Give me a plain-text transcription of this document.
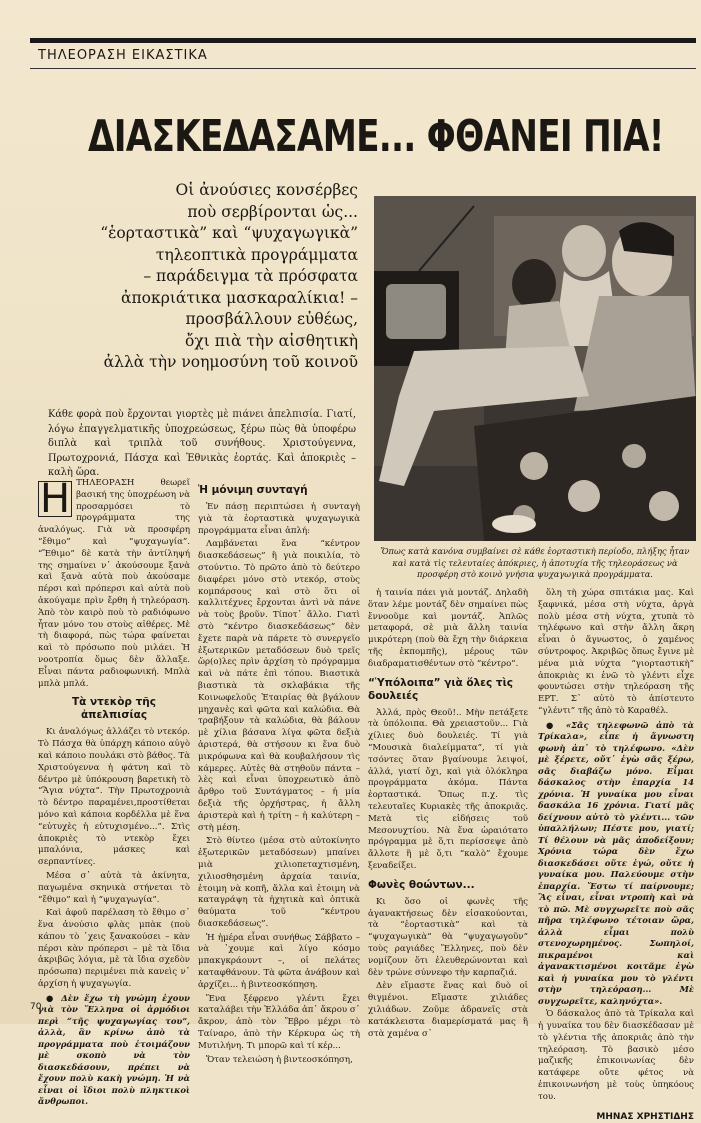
ΤΗΛΕΟΡΑΣΗ ΕΙΚΑΣΤΙΚΑ
ΔΙΑΣΚΕΔΑΣΑΜΕ... ΦΘΑΝΕΙ ΠΙΑ!
Οἱ ἀνούσιες κονσέρβες
ποὺ σερβίρονται ὡς...
“ἑορταστικὰ” καὶ “ψυχαγωγικὰ”
τηλεοπτικὰ προγράμματα
– παράδειγμα τὰ πρόσφατα
ἀποκριάτικα μασκαραλίκια! –
προσβάλλουν εὐθέως,
ὄχι πιὰ τὴν αἰσθητικὴ
ἀλλὰ τὴν νοημοσύνη τοῦ κοινοῦ
Ὅπως κατὰ κανόνα συμβαίνει σὲ κάθε ἑορταστικὴ περίοδο, πλήξης ἦταν καὶ κατὰ τὶς τελευταίες ἀπόκριες, ἡ ἀποτυχία τῆς τηλεοράσεως νὰ προσφέρη στὸ κοινὸ γνήσια ψυχαγωγικὰ προγράμματα.
Κάθε φορὰ ποὺ ἔρχονται γιορτὲς μὲ πιάνει ἀπελπισία. Γιατί, λόγω ἐπαγγελματικῆς ὑποχρεώσεως, ξέρω πὼς θὰ ὑποφέρω διπλὰ καὶ τριπλὰ τοῦ συνήθους. Χριστούγεννα, Πρωτοχρονιά, Πάσχα καὶ Ἐθνικὰς ἑορτάς. Καὶ ἀποκριὲς – καλὴ ὥρα.

Η ΤΗΛΕΟΡΑΣΗ θεωρεῖ βασική της ὑποχρέωση νὰ προσαρμόσει τὸ προγράμματα της ἀναλόγως. Γιὰ νὰ προσφέρη “ἔθιμο” καὶ “ψυχαγωγία”. “Ἔθιμο” δὲ κατὰ τὴν ἀντίληψή της σημαίνει ν᾽ ἀκούσουμε ξανὰ καὶ ξανὰ αὐτὰ ποὺ ἀκούσαμε πέρσι καὶ πρόπερσι καὶ αὐτὰ ποὺ ἀκούγαμε πρὶν ἔρθη ἡ τηλεόραση. Ἀπὸ τὸν καιρὸ ποὺ τὸ ραδιόφωνο ἦταν μόνο του στοὺς αἰθέρες. Μὲ τὴ διαφορά, πὼς τώρα φαίνεται καὶ τὸ πρόσωπο ποὺ μιλάει. Ἡ νοοτροπία ὅμως δὲν ἄλλαξε. Εἶναι πάντα ραδιοφωνική. Μπλὰ μπλὰ μπλά.

Τὰ ντεκὸρ τῆς ἀπελπισίας

Κι ἀναλόγως ἀλλάζει τὸ ντεκόρ. Τὸ Πάσχα θὰ ὑπάρχη κάποιο αὐγὸ καὶ κάποιο πουλάκι στὸ βάθος. Τὰ Χριστούγεννα ἡ φάτνη καὶ τὸ δέντρο μὲ ὑπόκρουση βαρετικὴ τὸ “Ἅγια νύχτα”. Τὴν Πρωτοχρονιὰ τὸ δέντρο παραμένει,προστίθεται μόνο καὶ κάποια κορδέλλα μὲ ἕνα “εὐτυχὲς ἡ εὐτυχισμένο...”. Στὶς ἀποκριὲς τὸ ντεκὸρ ἔχει μπαλόνια, μάσκες καὶ σερπαντίνες.

Μέσα σ᾽ αὐτὰ τὰ ἀκίνητα, παγωμένα σκηνικὰ στήνεται τὸ “ἔθιμο” καὶ ἡ “ψυχαγωγία”.

Καὶ ἀφοῦ παρέλαση τὸ ἔθιμο σ᾽ ἕνα ἀνούσιο φλὰς μπὰκ (ποὺ κάπου τὸ ᾽χεις ξανακούσει – κὰν πέρσι κὰν πρόπερσι – μὲ τὰ ἴδια ἀκριβῶς λόγια, μὲ τὰ ἴδια σχεδὸν πρόσωπα) περιμένει πιὰ κανεὶς ν᾽ ἀρχίση ἡ ψυχαγωγία.

● Δὲν ἔχω τὴ γνώμη ἐχουν γιὰ τὸν Ἕλληνα οἱ ἁρμόδιοι περὶ “τῆς ψυχαγωγίας του”, ἀλλὰ, ἂν κρίνω ἀπὸ τὰ προγράμματα ποὺ ἑτοιμάζουν μὲ σκοπὸ νὰ τὸν διασκεδάσουν, πρέπει νὰ ἔχουν πολὺ κακὴ γνώμη. Ἡ νὰ εἶναι οἱ ἴδιοι πολὺ πληκτικοὶ ἄνθρωποι.

Ἡ μόνιμη συνταγή

Ἐν πάσῃ περιπτώσει ἡ συνταγὴ γιὰ τὰ ἑορταστικὰ ψυχαγωγικὰ προγράμματα εἶναι ἁπλή:

Λαμβάνεται ἕνα “κέντρον διασκεδάσεως” ἢ γιὰ ποικιλία, τὸ στούντιο. Τὸ πρῶτο ἀπὸ τὸ δεύτερο διαφέρει μόνο στὸ ντεκόρ, στοὺς κομπάρσους καὶ στὸ ὅτι οἱ καλλιτέχνες ἔρχονται ἀντὶ νὰ πάνε νὰ τοὺς βροῦν. Τίποτ᾽ ἄλλο. Γιατὶ στὸ “κέντρο διασκεδάσεως” δὲν ἔχετε παρὰ νὰ πάρετε τὸ συνεργεῖο ἐξωτερικῶν μεταδόσεων δυὸ τρεῖς ὥρ(ο)λες πρὶν ἀρχίση τὸ πρόγραμμα καὶ νὰ πάτε ἐπὶ τόπου. Βιαστικὰ βιαστικὰ τὰ σκλαβάκια τῆς Κοινωφελοῦς Ἑταιρίας θὰ βγάλουν μηχανὲς καὶ φῶτα καὶ καλώδια. Θὰ τραβήξουν τὰ καλώδια, θὰ βάλουν μὲ χίλια βάσανα λίγα φῶτα δεξιὰ ἀριστερά, θὰ στήσουν κι ἕνα δυὸ μικρόφωνα καὶ θὰ κουβαλήσουν τὶς κάμερες. Αὐτὲς θὰ στηθοῦν πάντα – λὲς καὶ εἶναι ὑποχρεωτικὸ ἀπὸ ἄρθρο τοῦ Συντάγματος – ἡ μία δεξιὰ τῆς ὀρχήστρας, ἡ ἄλλη ἀριστερὰ καὶ ἡ τρίτη – ἡ καλύτερη – στὴ μέση.

Στὸ θίντεο (μέσα στὸ αὐτοκίνητο ἐξωτερικῶν μεταδόσεων) μπαίνει μιὰ χιλιοπεταχτισμένη, χιλιοσθησμένη ἀρχαία ταινία, ἑτοιμη νὰ κοπῆ, ἄλλα καὶ ἑτοιμη νὰ καταγράψη τὰ ἠχητικὰ καὶ ὀπτικὰ θαύματα τοῦ “κέντρου διασκεδάσεως”.

Ἡ ἡμέρα εἶναι συνήθως Σάββατο – νὰ ᾽χουμε καὶ λίγο κόσμο μπακγκράουντ –, οἱ πελάτες καταφθάνουν. Τὰ φῶτα ἀνάβουν καὶ ἀρχίζει... ἡ βιντεοσκόπηση.

Ἕνα ξέφρενο γλέντι ἔχει καταλάβει τὴν Ἑλλάδα ἀπ᾽ ἄκρου σ᾽ ἄκρον, ἀπὸ τὸν Ἕβρο μέχρι τὸ Ταίναρο, ἀπὸ τὴν Κέρκυρα ὡς τὴ Μυτιλήνη. Τι μπορῶ καὶ τί κέρ...

Ὅταν τελειώση ἡ βιντεοσκόπηση,

ἡ ταινία πάει γιὰ μοντάζ. Δηλαδὴ ὅταν λέμε μοντάζ δὲν σημαίνει πὼς ἔννοοῦμε καὶ μοντάζ. Ἁπλῶς μεταφορά, σὲ μιὰ ἄλλη ταινία μικρότερη (ποὺ θὰ ἔχη τὴν διάρκεια τῆς ἐκπομπῆς), μέρους τῶν διαδραματισθέντων στὸ “κέντρο”.

“Ὑπόλοιπα” γιὰ ὅλες τὶς δουλειές

Ἀλλά, πρὸς Θεοῦ!.. Μὴν πετάξετε τὰ ὑπόλοιπα. Θὰ χρειαστοῦν... Γιὰ χίλιες δυὸ δουλειές. Τί γιὰ “Μουσικὰ διαλείμματα”, τί γιὰ τσόντες ὅταν βγαίνουμε λειψοί, ἀλλά, γιατί ὄχι, καὶ γιὰ ὁλόκληρα προγράμματα ἀκόμα. Πάντα ἑορταστικά. Ὅπως π.χ. τὶς τελευταῖες Κυριακὲς τῆς ἀποκριᾶς. Μετὰ τὶς εἰδήσεις τοῦ Μεσονυχτίου. Νὰ ἕνα ὡραιότατο πρόγραμμα μὲ ὅ,τι περίσσεψε ἀπὸ ἄλλοτε ἢ μὲ ὅ,τι “καλὸ” ἔχουμε ξεναδείξει.

Φωνὲς θοώντων...

Κι ὅσο οἱ φωνὲς τῆς ἀγανακτήσεως δὲν εἰσακούονται, τὰ “ἑορταστικὰ” καὶ τὰ “ψυχαγωγικὰ” θὰ “ψυχαγωγοῦν” τοὺς ραγιάδες Ἕλληνες, ποὺ δὲν νομίζουν ὅτι ἐλευθερώνονται καὶ δὲν τρώνε σύννεφο τὴν καρπαζιά.

Δὲν εἴμαστε ἕνας καὶ δυὸ οἱ θιγμένοι. Εἴμαστε χιλιάδες χιλιάδων. Ζοῦμε ἀδρανεῖς στὰ κατάκλειστα διαμερίσματά μας ἢ στὰ χαμένα σ᾽

ὅλη τὴ χώρα σπιτάκια μας. Καὶ ξαφνικά, μέσα στὴ νύχτα, ἀργὰ πολὺ μέσα στὴ νύχτα, χτυπὰ τὸ τηλέφωνο καὶ στὴν ἄλλη ἄκρη εἶναι ὁ ἄγνωστος, ὁ χαμένος σύντροφος. Ἀκριβῶς ὅπως ἔγινε μὲ μένα μιὰ νύχτα “γιορταστικὴ” ἀποκριὰς κι ἐνῶ τὸ γλέντι εἶχε φουντώσει στὴν τηλεόραση τῆς ΕΡΤ. Σ᾽ αὐτὸ τὸ ἀπίστευτο “γλέντι” τῆς ἀπὸ τὸ Καραθέλ.

● «Σᾶς τηλεφωνῶ ἀπὸ τὰ Τρίκαλα», εἶπε ἡ ἄγνωστη φωνὴ ἀπ᾽ τὸ τηλέφωνο. «Δὲν μὲ ξέρετε, οὔτ᾽ ἐγὼ σᾶς ξέρω, σᾶς διαβάζω μόνο. Εἶμαι δάσκαλος στὴν ἐπαρχία 14 χρόνια. Ἡ γυναίκα μου εἶναι δασκάλα 16 χρόνια. Γιατί μᾶς δείχνουν αὐτὸ τὸ γλέντι... τῶν ὑπαλλήλων; Πέστε μου, γιατί; Τί θέλουν νὰ μᾶς ἀποδείξουν; Χρόνια τώρα δὲν ἔχω διασκεδάσει οὔτε ἐγώ, οὔτε ἡ γυναίκα μου. Παλεύουμε στὴν ἐπαρχία. Ἔστω τί παίρνουμε; Ἂς εἶναι, εἶναι ντροπὴ καὶ νὰ τὸ πῶ. Μὲ συγχωρεῖτε ποὺ σᾶς πῆρα τηλέφωνο τέτοιαν ὥρα, ἀλλὰ εἶμαι πολὺ στενοχωρημένος. Σωπηλοί, πικραμένοι καὶ ἀγανακτισμένοι κοιτᾶμε ἐγὼ καὶ ἡ γυναίκα μου τὸ γλέντι στὴν τηλεόραση... Μὲ συγχωρεῖτε, καληνύχτα».

Ὁ δάσκαλος ἀπὸ τὰ Τρίκαλα καὶ ἡ γυναίκα του δὲν διασκέδασαν μὲ τὸ γλέντια τῆς ἀποκριᾶς ἀπὸ τὴν τηλεόραση. Τὸ βασικὸ μέσο μαζικῆς ἐπικοινωνίας δὲν κατάφερε οὔτε φέτος νὰ ἐπικοινωνήση μὲ τοὺς ὑπηκόους του.

ΜΗΝΑΣ ΧΡΗΣΤΙΔΗΣ
70
